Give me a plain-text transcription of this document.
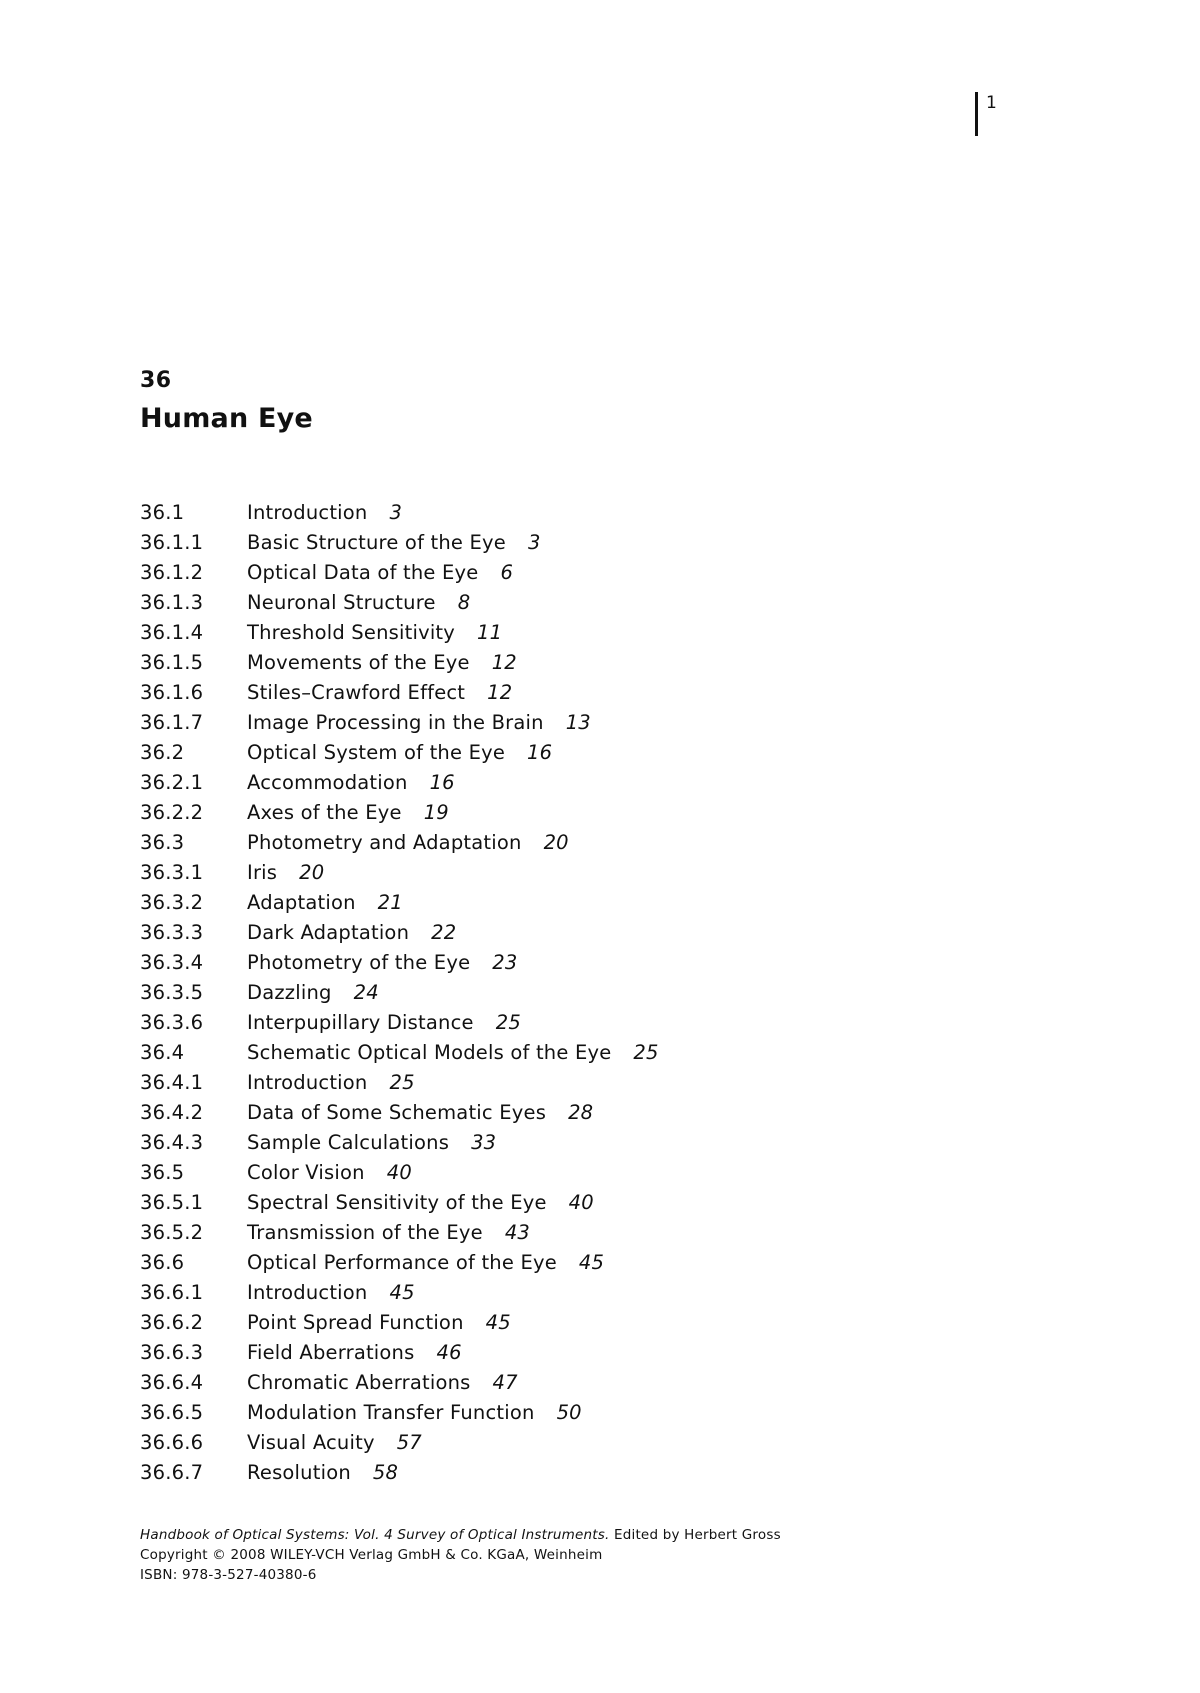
1
36
Human Eye
36.1	Introduction 3
36.1.1 Basic Structure of the Eye 3
36.1.2 Optical Data of the Eye 6
36.1.3 Neuronal Structure 8
36.1.4 Threshold Sensitivity 11
36.1.5 Movements of the Eye 12
36.1.6 Stiles–Crawford Effect 12
36.1.7 Image Processing in the Brain 13
36.2	Optical System of the Eye 16
36.2.1 Accommodation 16
36.2.2 Axes of the Eye 19
36.3	Photometry and Adaptation 20
36.3.1 Iris 20
36.3.2 Adaptation 21
36.3.3 Dark Adaptation 22
36.3.4 Photometry of the Eye 23
36.3.5 Dazzling 24
36.3.6 Interpupillary Distance 25
36.4	Schematic Optical Models of the Eye 25
36.4.1 Introduction 25
36.4.2 Data of Some Schematic Eyes 28
36.4.3 Sample Calculations 33
36.5	Color Vision 40
36.5.1 Spectral Sensitivity of the Eye 40
36.5.2 Transmission of the Eye 43
36.6	Optical Performance of the Eye 45
36.6.1 Introduction 45
36.6.2 Point Spread Function 45
36.6.3 Field Aberrations 46
36.6.4 Chromatic Aberrations 47
36.6.5 Modulation Transfer Function 50
36.6.6 Visual Acuity 57
36.6.7 Resolution 58
Handbook of Optical Systems: Vol. 4 Survey of Optical Instruments. Edited by Herbert Gross
Copyright © 2008 WILEY-VCH Verlag GmbH & Co. KGaA, Weinheim
ISBN: 978-3-527-40380-6
